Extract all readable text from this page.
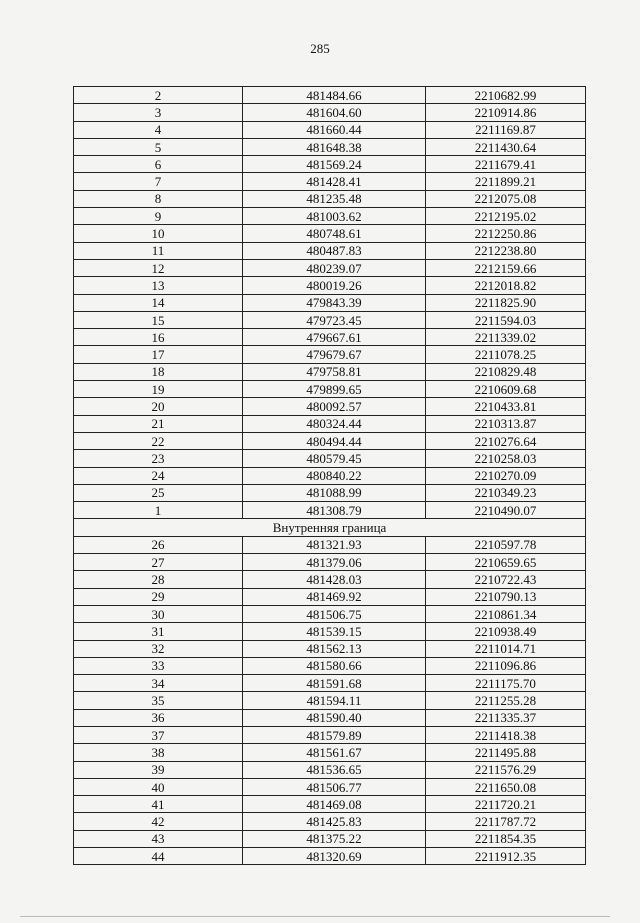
285
2	481484.66	2210682.99
3	481604.60	2210914.86
4	481660.44	2211169.87
5	481648.38	2211430.64
6	481569.24	2211679.41
7	481428.41	2211899.21
8	481235.48	2212075.08
9	481003.62	2212195.02
10	480748.61	2212250.86
11	480487.83	2212238.80
12	480239.07	2212159.66
13	480019.26	2212018.82
14	479843.39	2211825.90
15	479723.45	2211594.03
16	479667.61	2211339.02
17	479679.67	2211078.25
18	479758.81	2210829.48
19	479899.65	2210609.68
20	480092.57	2210433.81
21	480324.44	2210313.87
22	480494.44	2210276.64
23	480579.45	2210258.03
24	480840.22	2210270.09
25	481088.99	2210349.23
1	481308.79	2210490.07
Внутренняя граница		
26	481321.93	2210597.78
27	481379.06	2210659.65
28	481428.03	2210722.43
29	481469.92	2210790.13
30	481506.75	2210861.34
31	481539.15	2210938.49
32	481562.13	2211014.71
33	481580.66	2211096.86
34	481591.68	2211175.70
35	481594.11	2211255.28
36	481590.40	2211335.37
37	481579.89	2211418.38
38	481561.67	2211495.88
39	481536.65	2211576.29
40	481506.77	2211650.08
41	481469.08	2211720.21
42	481425.83	2211787.72
43	481375.22	2211854.35
44	481320.69	2211912.35
